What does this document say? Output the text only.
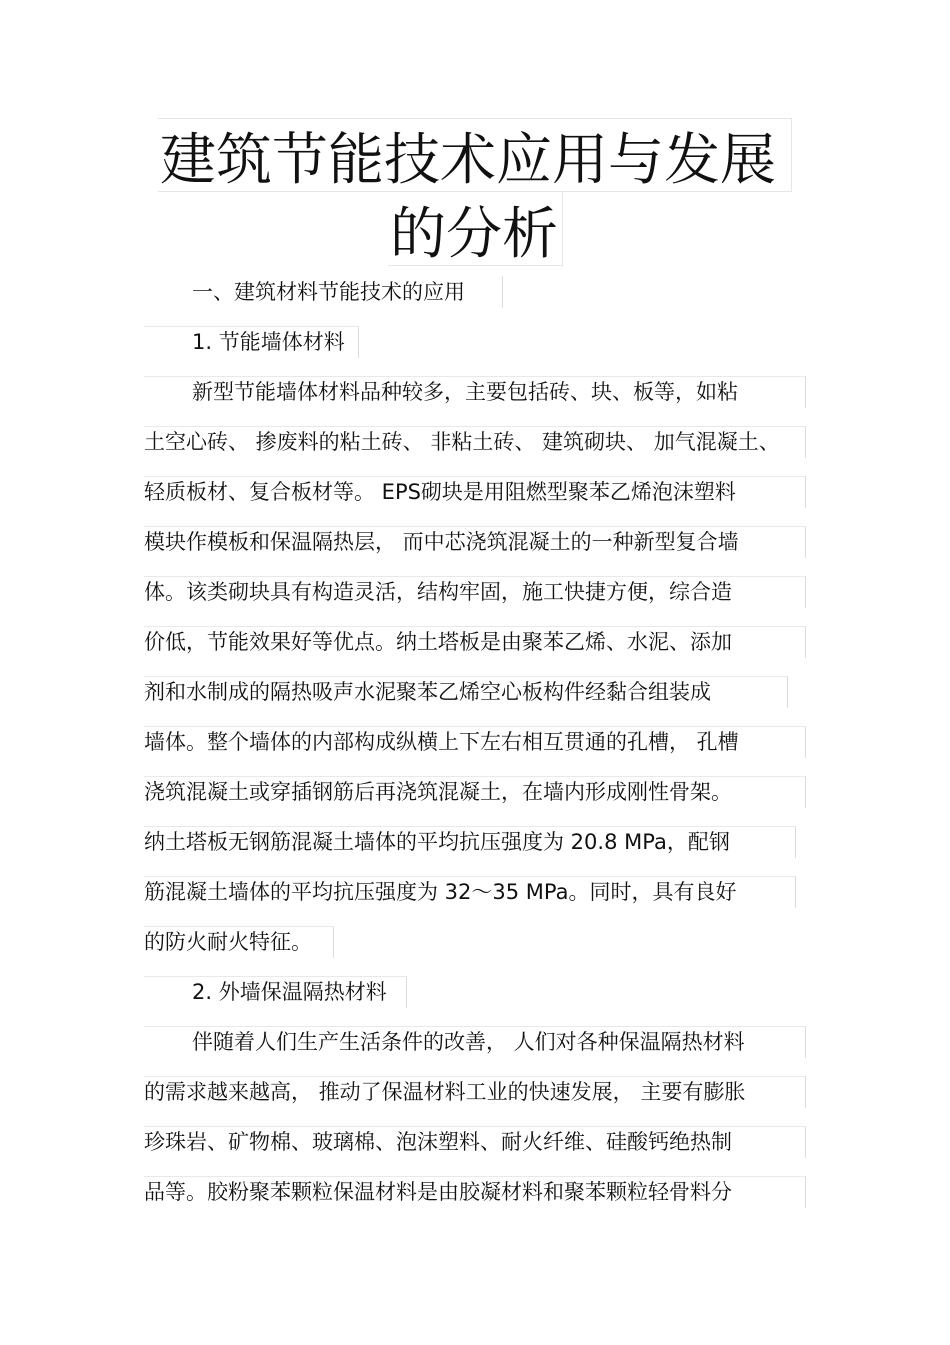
建筑节能技术应用与发展
的分析
一、建筑材料节能技术的应用
1. 节能墙体材料
新型节能墙体材料品种较多，主要包括砖、块、板等，如粘
土空心砖、 掺废料的粘土砖、 非粘土砖、 建筑砌块、 加气混凝土、
轻质板材、复合板材等。 EPS砌块是用阻燃型聚苯乙烯泡沫塑料
模块作模板和保温隔热层， 而中芯浇筑混凝土的一种新型复合墙
体。该类砌块具有构造灵活，结构牢固，施工快捷方便，综合造
价低，节能效果好等优点。纳土塔板是由聚苯乙烯、水泥、添加
剂和水制成的隔热吸声水泥聚苯乙烯空心板构件经黏合组装成
墙体。整个墙体的内部构成纵横上下左右相互贯通的孔槽， 孔槽
浇筑混凝土或穿插钢筋后再浇筑混凝土，在墙内形成刚性骨架。
纳土塔板无钢筋混凝土墙体的平均抗压强度为 20.8 MPa，配钢
筋混凝土墙体的平均抗压强度为 32～35 MPa。同时，具有良好
的防火耐火特征。
2. 外墙保温隔热材料
伴随着人们生产生活条件的改善， 人们对各种保温隔热材料
的需求越来越高， 推动了保温材料工业的快速发展， 主要有膨胀
珍珠岩、矿物棉、玻璃棉、泡沫塑料、耐火纤维、硅酸钙绝热制
品等。胶粉聚苯颗粒保温材料是由胶凝材料和聚苯颗粒轻骨料分
